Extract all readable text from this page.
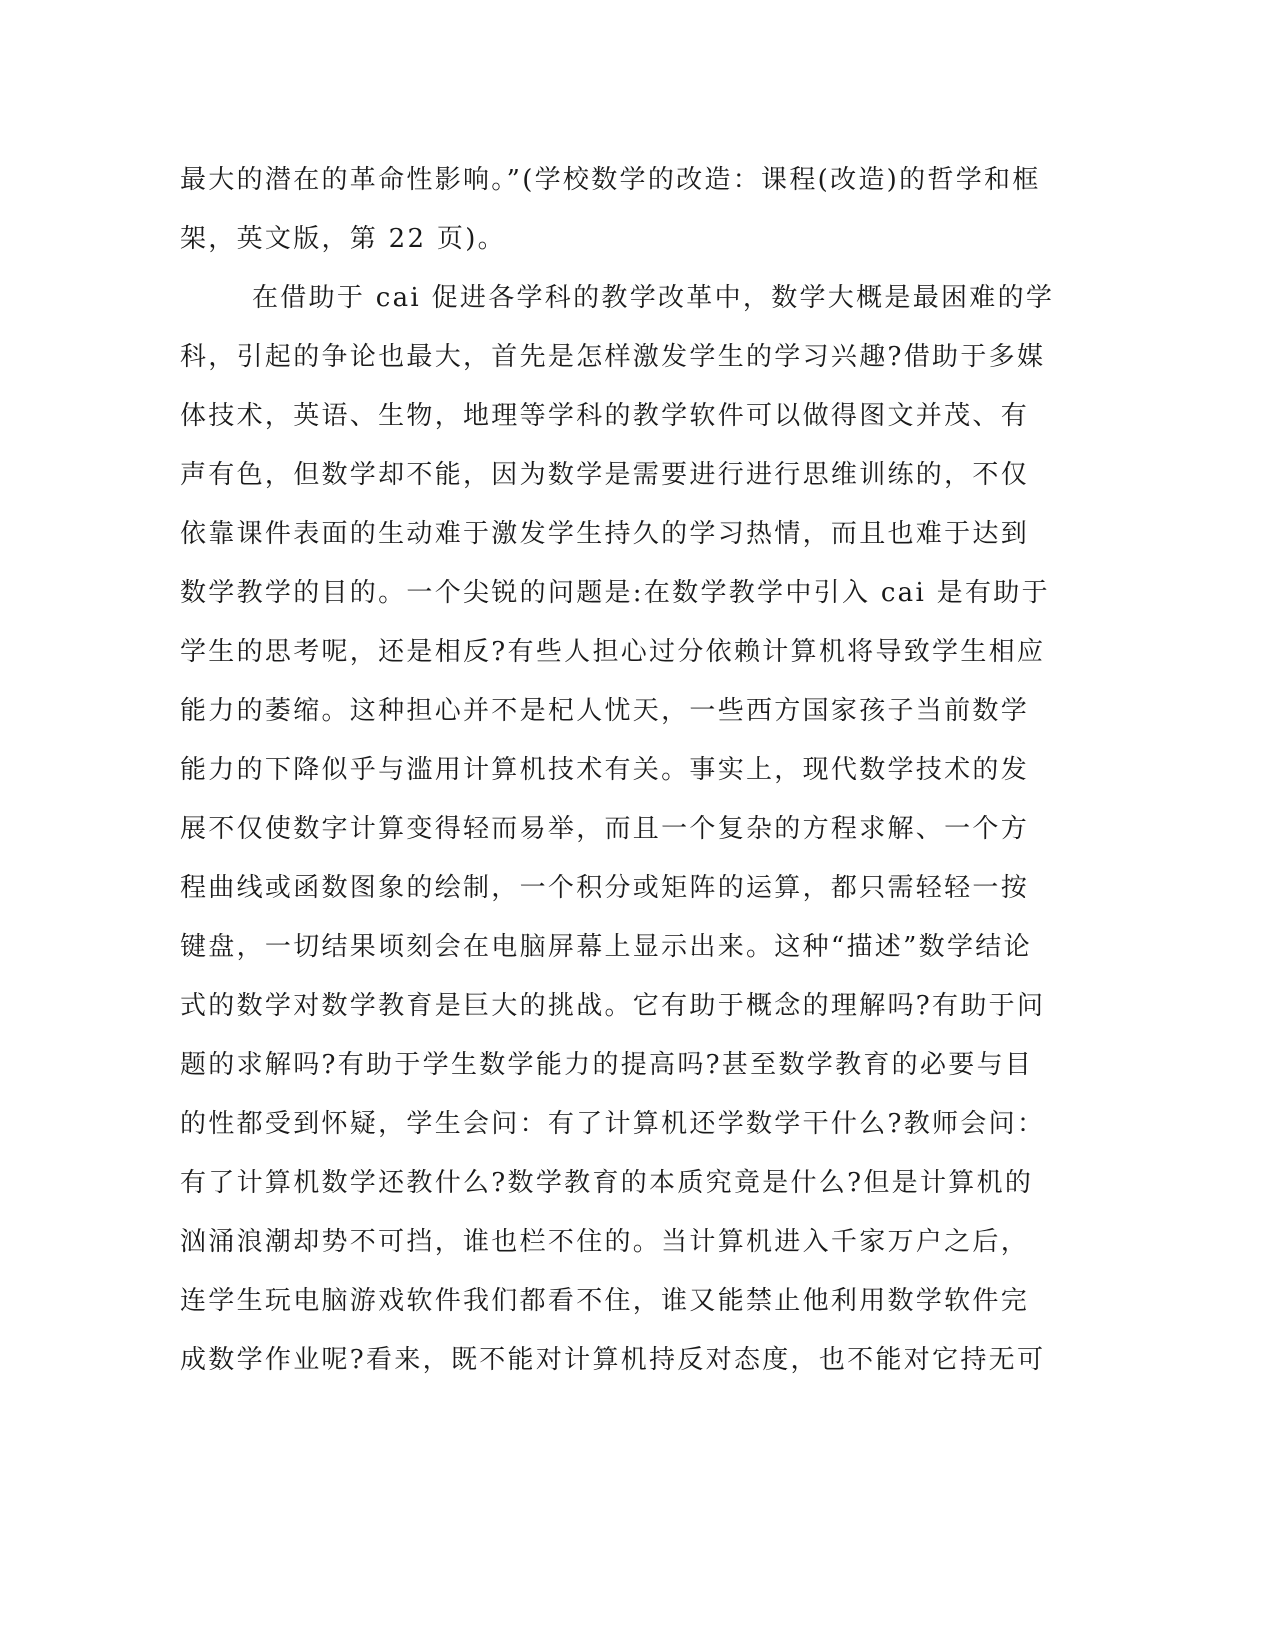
最大的潜在的革命性影响。”(学校数学的改造：课程(改造)的哲学和框
架，英文版，第 22 页)。
在借助于 cai 促进各学科的教学改革中，数学大概是最困难的学
科，引起的争论也最大，首先是怎样激发学生的学习兴趣?借助于多媒
体技术，英语、生物，地理等学科的教学软件可以做得图文并茂、有
声有色，但数学却不能，因为数学是需要进行进行思维训练的，不仅
依靠课件表面的生动难于激发学生持久的学习热情，而且也难于达到
数学教学的目的。一个尖锐的问题是:在数学教学中引入 cai 是有助于
学生的思考呢，还是相反?有些人担心过分依赖计算机将导致学生相应
能力的萎缩。这种担心并不是杞人忧天，一些西方国家孩子当前数学
能力的下降似乎与滥用计算机技术有关。事实上，现代数学技术的发
展不仅使数字计算变得轻而易举，而且一个复杂的方程求解、一个方
程曲线或函数图象的绘制，一个积分或矩阵的运算，都只需轻轻一按
键盘，一切结果顷刻会在电脑屏幕上显示出来。这种“描述”数学结论
式的数学对数学教育是巨大的挑战。它有助于概念的理解吗?有助于问
题的求解吗?有助于学生数学能力的提高吗?甚至数学教育的必要与目
的性都受到怀疑，学生会问：有了计算机还学数学干什么?教师会问：
有了计算机数学还教什么?数学教育的本质究竟是什么?但是计算机的
汹涌浪潮却势不可挡，谁也栏不住的。当计算机进入千家万户之后，
连学生玩电脑游戏软件我们都看不住，谁又能禁止他利用数学软件完
成数学作业呢?看来，既不能对计算机持反对态度，也不能对它持无可
